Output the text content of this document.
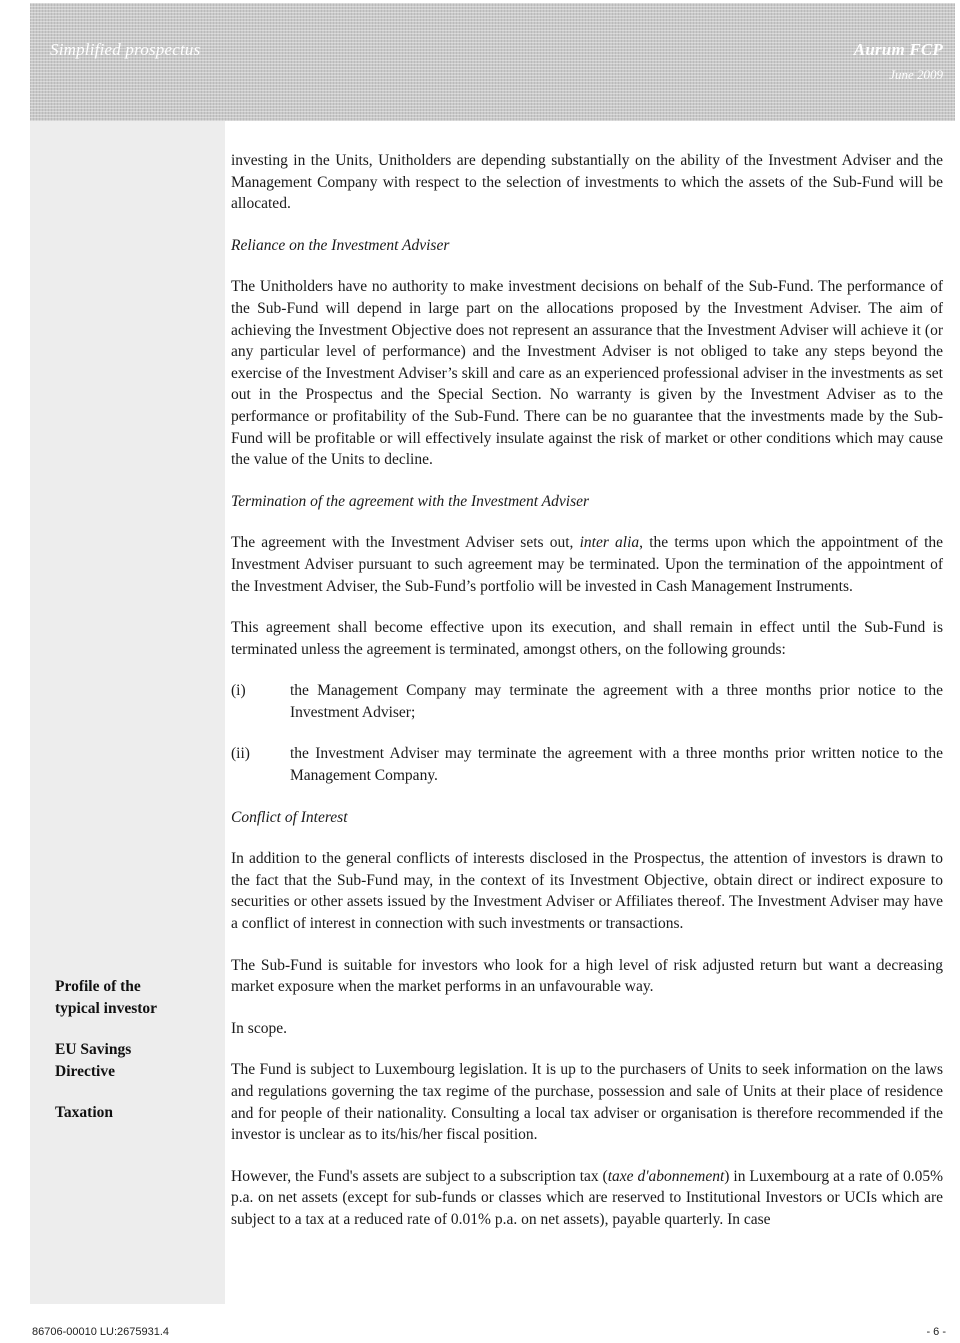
Simplified prospectus	Aurum FCP
June 2009
Profile of the
typical investor
EU Savings
Directive
Taxation

investing in the Units, Unitholders are depending substantially on the ability of the Investment Adviser and the Management Company with respect to the selection of investments to which the assets of the Sub-Fund will be allocated.

Reliance on the Investment Adviser

The Unitholders have no authority to make investment decisions on behalf of the Sub-Fund. The performance of the Sub-Fund will depend in large part on the allocations proposed by the Investment Adviser. The aim of achieving the Investment Objective does not represent an assurance that the Investment Adviser will achieve it (or any particular level of performance) and the Investment Adviser is not obliged to take any steps beyond the exercise of the Investment Adviser’s skill and care as an experienced professional adviser in the investments as set out in the Prospectus and the Special Section. No warranty is given by the Investment Adviser as to the performance or profitability of the Sub-Fund. There can be no guarantee that the investments made by the Sub-Fund will be profitable or will effectively insulate against the risk of market or other conditions which may cause the value of the Units to decline.

Termination of the agreement with the Investment Adviser

The agreement with the Investment Adviser sets out, inter alia, the terms upon which the appointment of the Investment Adviser pursuant to such agreement may be terminated. Upon the termination of the appointment of the Investment Adviser, the Sub-Fund’s portfolio will be invested in Cash Management Instruments.

This agreement shall become effective upon its execution, and shall remain in effect until the Sub-Fund is terminated unless the agreement is terminated, amongst others, on the following grounds:

(i)	the Management Company may terminate the agreement with a three months prior notice to the Investment Adviser;
(ii)	the Investment Adviser may terminate the agreement with a three months prior written notice to the Management Company.

Conflict of Interest

In addition to the general conflicts of interests disclosed in the Prospectus, the attention of investors is drawn to the fact that the Sub-Fund may, in the context of its Investment Objective, obtain direct or indirect exposure to securities or other assets issued by the Investment Adviser or Affiliates thereof. The Investment Adviser may have a conflict of interest in connection with such investments or transactions.

The Sub-Fund is suitable for investors who look for a high level of risk adjusted return but want a decreasing market exposure when the market performs in an unfavourable way.

In scope.

The Fund is subject to Luxembourg legislation. It is up to the purchasers of Units to seek information on the laws and regulations governing the tax regime of the purchase, possession and sale of Units at their place of residence and for people of their nationality. Consulting a local tax adviser or organisation is therefore recommended if the investor is unclear as to its/his/her fiscal position.

However, the Fund's assets are subject to a subscription tax (taxe d'abonnement) in Luxembourg at a rate of 0.05% p.a. on net assets (except for sub-funds or classes which are reserved to Institutional Investors or UCIs which are subject to a tax at a reduced rate of 0.01% p.a. on net assets), payable quarterly. In case

86706-00010 LU:2675931.4	- 6 -
